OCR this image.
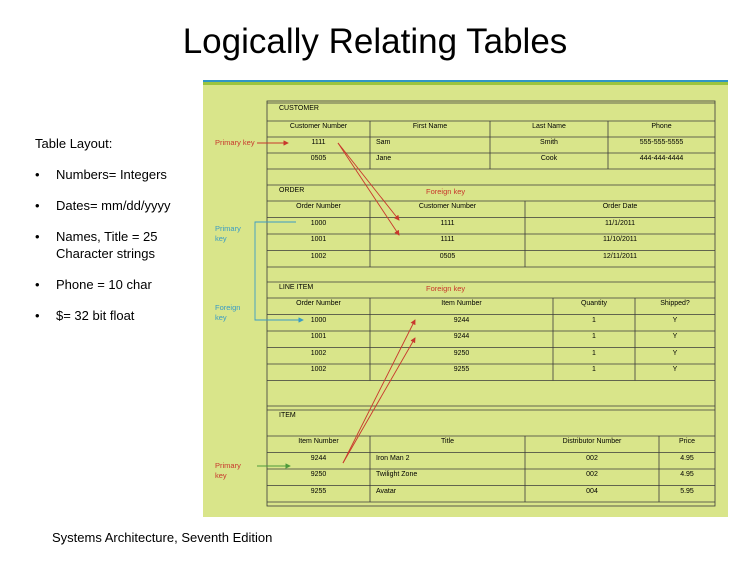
Logically Relating Tables
Table Layout:
• Numbers= Integers
• Dates= mm/dd/yyyy
• Names, Title = 25 Character strings
• Phone = 10 char
• $= 32 bit float
Systems Architecture, Seventh Edition
Primary key
Foreign key
Primary key
Foreign key
Foreign key
Primary key
CUSTOMER
Customer Number	First Name	Last Name	Phone
1111	Sam	Smith	555-555-5555
0505	Jane	Cook	444-444-4444
ORDER
Order Number	Customer Number	Order Date
1000	1111	11/1/2011
1001	1111	11/10/2011
1002	0505	12/11/2011
LINE ITEM
Order Number	Item Number	Quantity	Shipped?
1000	9244	1	Y
1001	9244	1	Y
1002	9250	1	Y
1002	9255	1	Y
ITEM
Item Number	Title	Distributor Number	Price
9244	Iron Man 2	002	4.95
9250	Twilight Zone	002	4.95
9255	Avatar	004	5.95
